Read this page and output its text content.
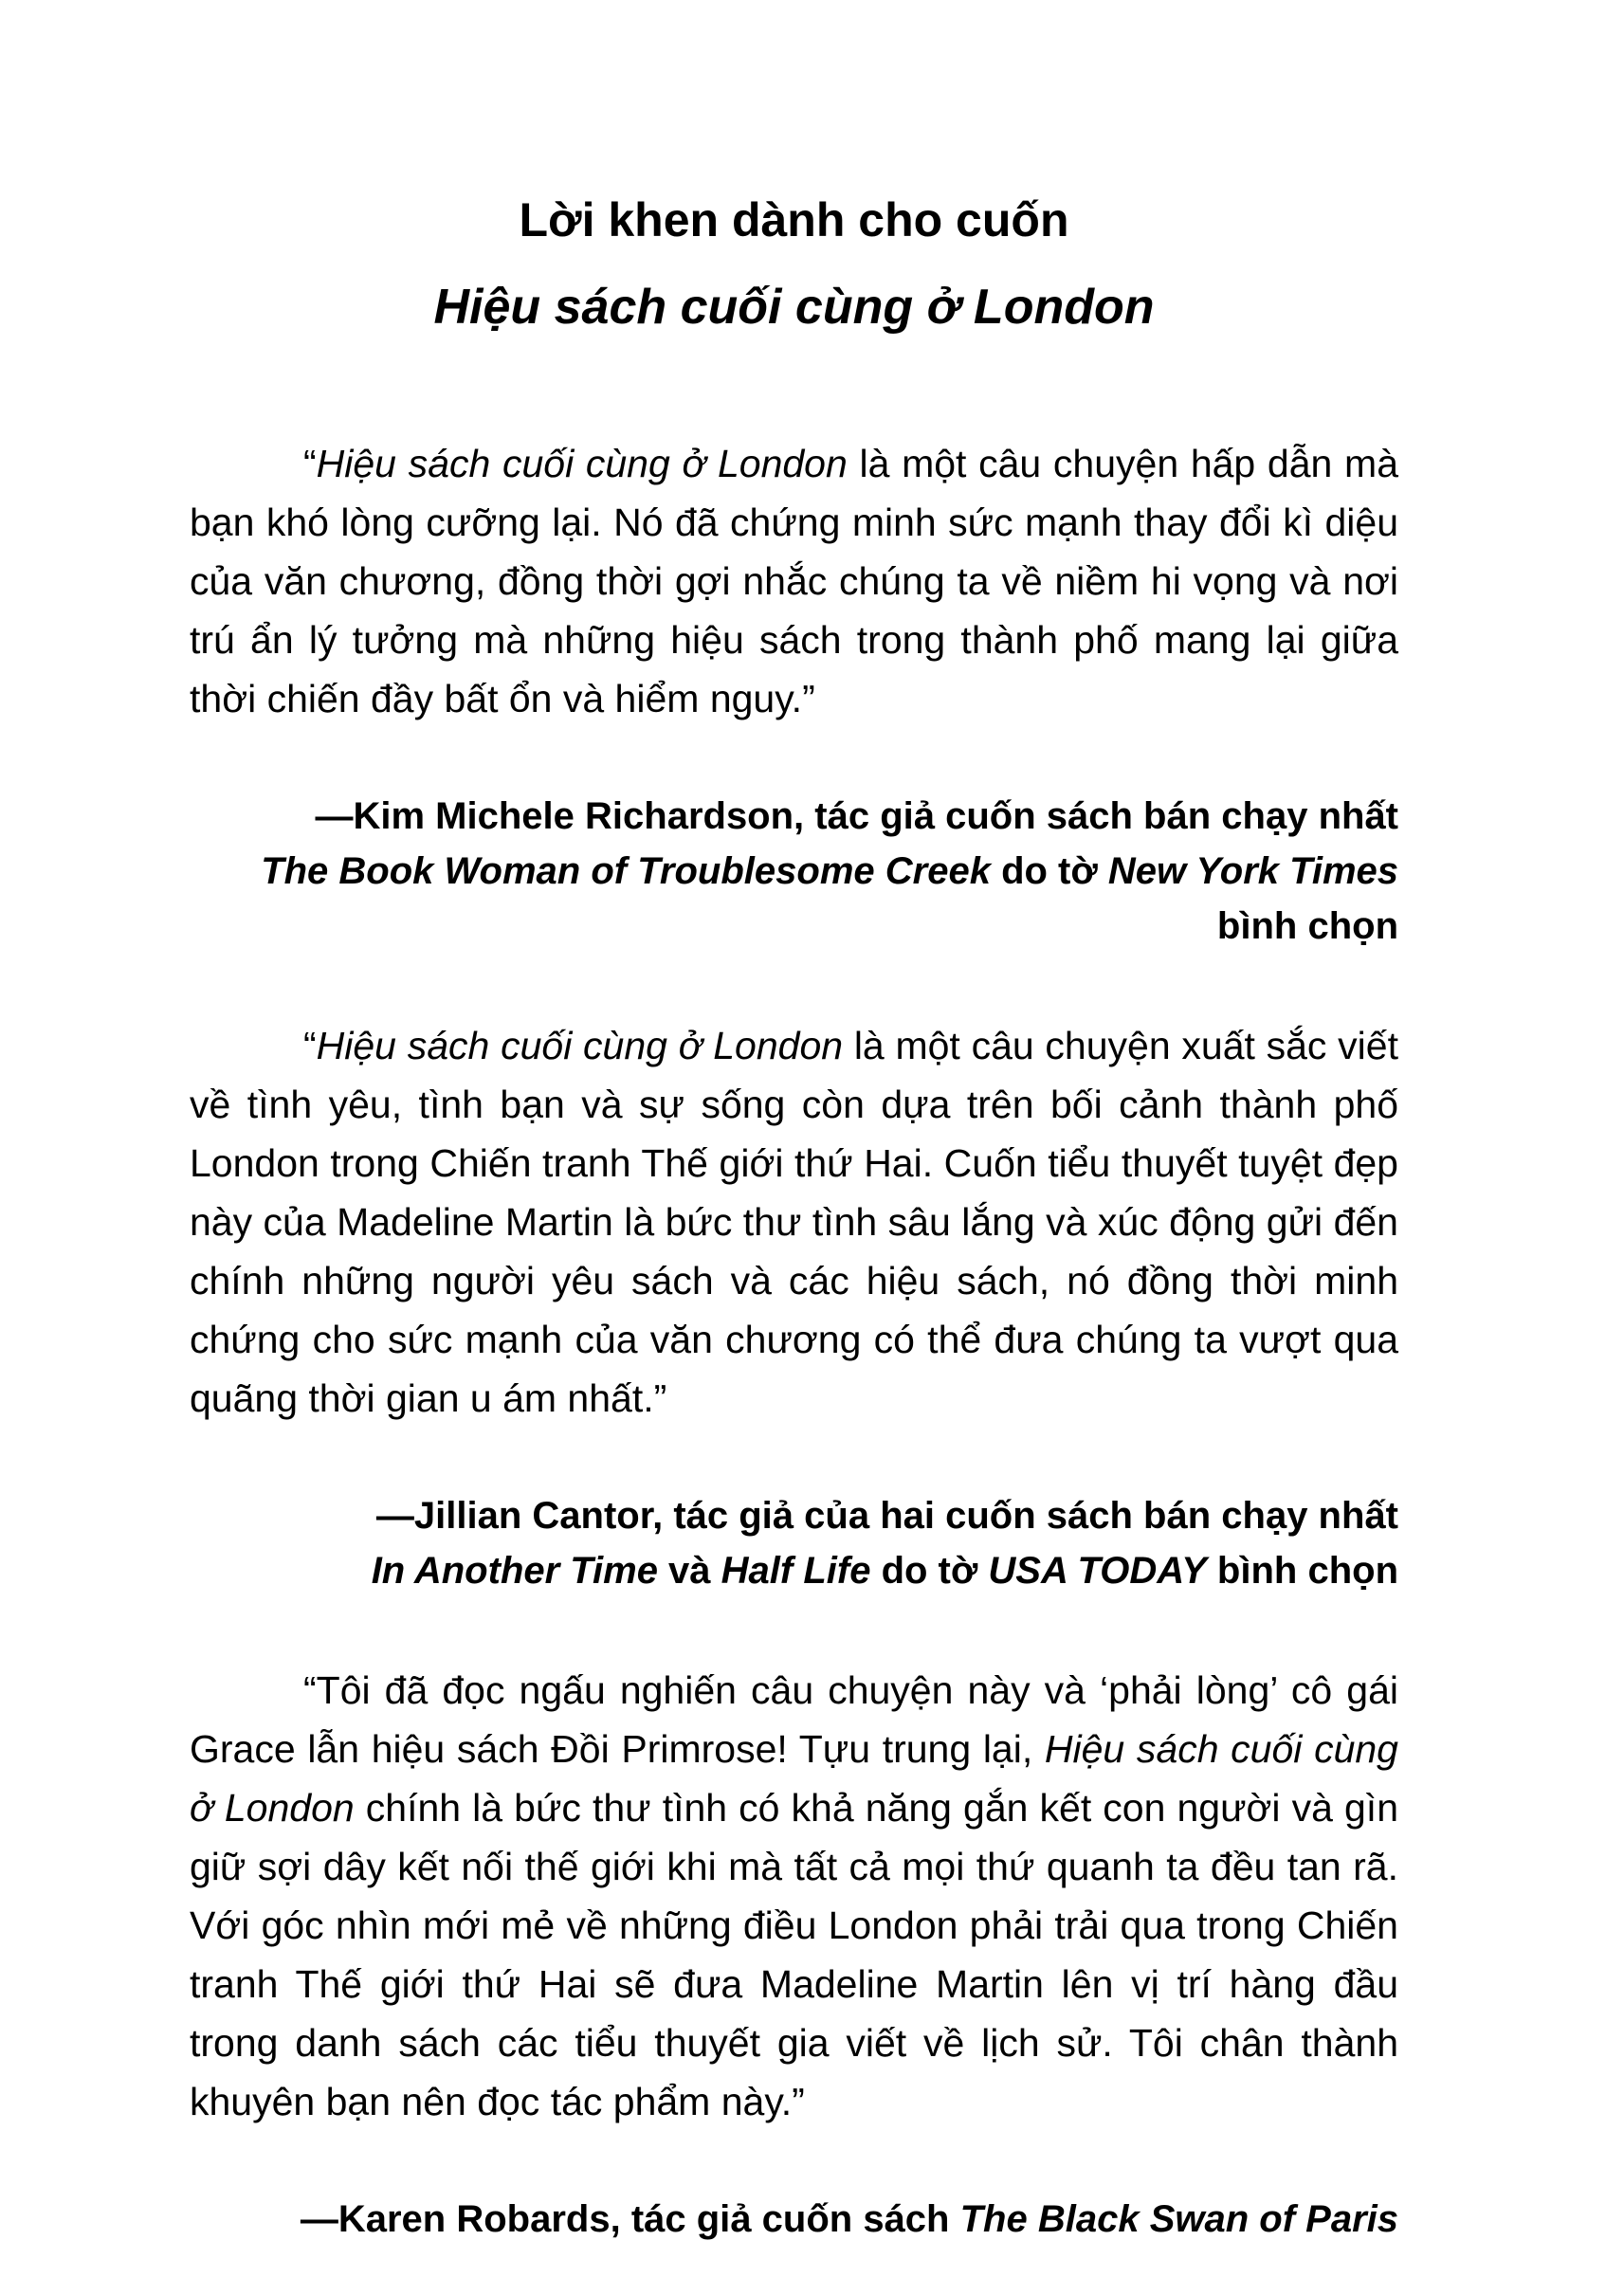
Lời khen dành cho cuốn
Hiệu sách cuối cùng ở London

“Hiệu sách cuối cùng ở London là một câu chuyện hấp dẫn mà bạn khó lòng cưỡng lại. Nó đã chứng minh sức mạnh thay đổi kì diệu của văn chương, đồng thời gợi nhắc chúng ta về niềm hi vọng và nơi trú ẩn lý tưởng mà những hiệu sách trong thành phố mang lại giữa thời chiến đầy bất ổn và hiểm nguy.”

—Kim Michele Richardson, tác giả cuốn sách bán chạy nhất
The Book Woman of Troublesome Creek do tờ New York Times bình chọn

“Hiệu sách cuối cùng ở London là một câu chuyện xuất sắc viết về tình yêu, tình bạn và sự sống còn dựa trên bối cảnh thành phố London trong Chiến tranh Thế giới thứ Hai. Cuốn tiểu thuyết tuyệt đẹp này của Madeline Martin là bức thư tình sâu lắng và xúc động gửi đến chính những người yêu sách và các hiệu sách, nó đồng thời minh chứng cho sức mạnh của văn chương có thể đưa chúng ta vượt qua quãng thời gian u ám nhất.”

—Jillian Cantor, tác giả của hai cuốn sách bán chạy nhất
In Another Time và Half Life do tờ USA TODAY bình chọn

“Tôi đã đọc ngấu nghiến câu chuyện này và ‘phải lòng’ cô gái Grace lẫn hiệu sách Đồi Primrose! Tựu trung lại, Hiệu sách cuối cùng ở London chính là bức thư tình có khả năng gắn kết con người và gìn giữ sợi dây kết nối thế giới khi mà tất cả mọi thứ quanh ta đều tan rã. Với góc nhìn mới mẻ về những điều London phải trải qua trong Chiến tranh Thế giới thứ Hai sẽ đưa Madeline Martin lên vị trí hàng đầu trong danh sách các tiểu thuyết gia viết về lịch sử. Tôi chân thành khuyên bạn nên đọc tác phẩm này.”

—Karen Robards, tác giả cuốn sách The Black Swan of Paris
